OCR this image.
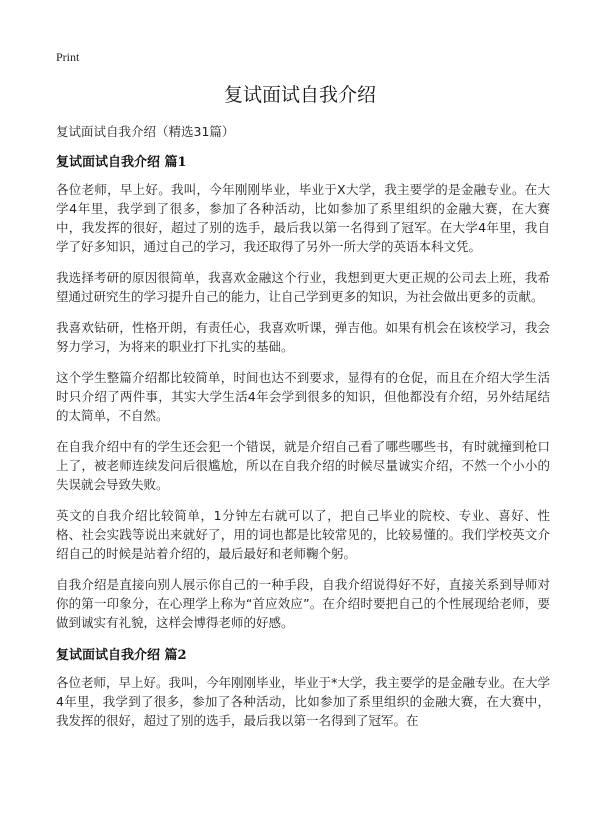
Print
复试面试自我介绍
复试面试自我介绍（精选31篇）
复试面试自我介绍 篇1

各位老师，早上好。我叫，今年刚刚毕业，毕业于X大学，我主要学的是金融专业。在大学4年里，我学到了很多，参加了各种活动，比如参加了系里组织的金融大赛，在大赛中，我发挥的很好，超过了别的选手，最后我以第一名得到了冠军。在大学4年里，我自学了好多知识，通过自己的学习，我还取得了另外一所大学的英语本科文凭。

我选择考研的原因很简单，我喜欢金融这个行业，我想到更大更正规的公司去上班，我希望通过研究生的学习提升自己的能力，让自己学到更多的知识，为社会做出更多的贡献。

我喜欢钻研，性格开朗，有责任心，我喜欢听课，弹吉他。如果有机会在该校学习，我会努力学习，为将来的职业打下扎实的基础。

这个学生整篇介绍都比较简单，时间也达不到要求，显得有的仓促，而且在介绍大学生活时只介绍了两件事，其实大学生活4年会学到很多的知识，但他都没有介绍，另外结尾结的太简单，不自然。

在自我介绍中有的学生还会犯一个错误，就是介绍自己看了哪些哪些书，有时就撞到枪口上了，被老师连续发问后很尴尬，所以在自我介绍的时候尽量诚实介绍，不然一个小小的失误就会导致失败。

英文的自我介绍比较简单，1分钟左右就可以了，把自己毕业的院校、专业、喜好、性格、社会实践等说出来就好了，用的词也都是比较常见的，比较易懂的。我们学校英文介绍自己的时候是站着介绍的，最后最好和老师鞠个躬。

自我介绍是直接向别人展示你自己的一种手段，自我介绍说得好不好，直接关系到导师对你的第一印象分，在心理学上称为“首应效应”。在介绍时要把自己的个性展现给老师，要做到诚实有礼貌，这样会博得老师的好感。

复试面试自我介绍 篇2

各位老师，早上好。我叫，今年刚刚毕业，毕业于*大学，我主要学的是金融专业。在大学4年里，我学到了很多，参加了各种活动，比如参加了系里组织的金融大赛，在大赛中，我发挥的很好，超过了别的选手，最后我以第一名得到了冠军。在
